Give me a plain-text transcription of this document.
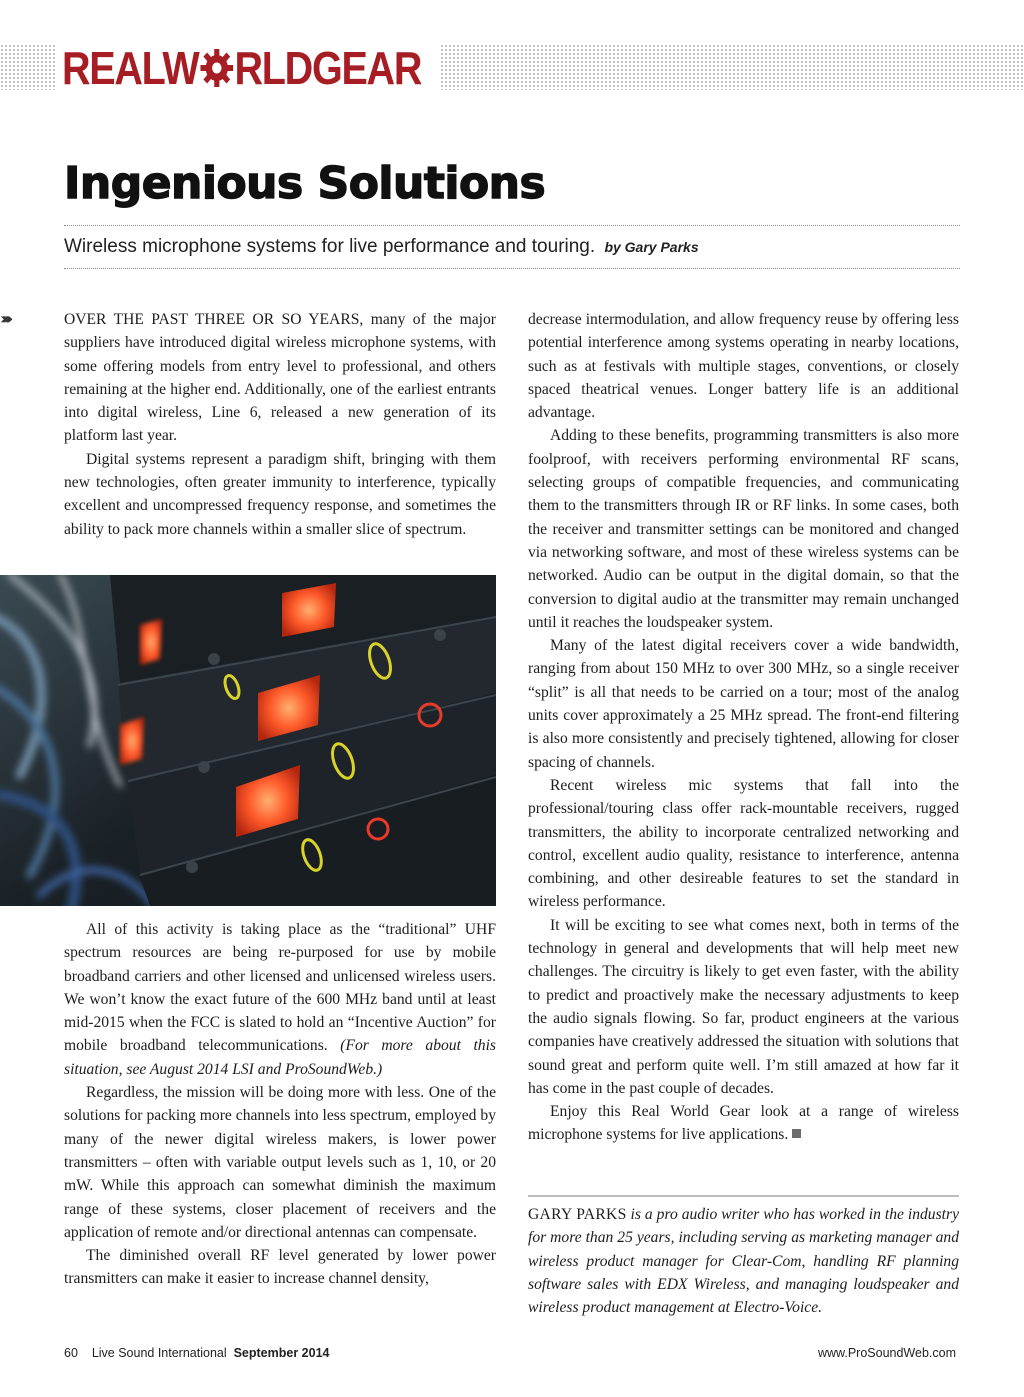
REALW RLDGEAR
Ingenious Solutions
Wireless microphone systems for live performance and touring. by Gary Parks
››››››	OVER THE PAST THREE OR SO YEARS, many of the major suppliers have introduced digital wireless microphone systems, with some offering models from entry level to professional, and others remaining at the higher end. Additionally, one of the earliest entrants into digital wireless, Line 6, released a new generation of its platform last year.

Digital systems represent a paradigm shift, bringing with them new technologies, often greater immunity to interference, typically excellent and uncompressed frequency response, and sometimes the ability to pack more channels within a smaller slice of spectrum.

All of this activity is taking place as the “traditional” UHF spectrum resources are being re-purposed for use by mobile broadband carriers and other licensed and unlicensed wireless users. We won’t know the exact future of the 600 MHz band until at least mid-2015 when the FCC is slated to hold an “Incentive Auction” for mobile broadband telecommunications. (For more about this situation, see August 2014 LSI and ProSoundWeb.)

Regardless, the mission will be doing more with less. One of the solutions for packing more channels into less spectrum, employed by many of the newer digital wireless makers, is lower power transmitters – often with variable output levels such as 1, 10, or 20 mW. While this approach can somewhat diminish the maximum range of these systems, closer placement of receivers and the application of remote and/or directional antennas can compensate.

The diminished overall RF level generated by lower power transmitters can make it easier to increase channel density,

decrease intermodulation, and allow frequency reuse by offering less potential interference among systems operating in nearby locations, such as at festivals with multiple stages, conventions, or closely spaced theatrical venues. Longer battery life is an additional advantage.

Adding to these benefits, programming transmitters is also more foolproof, with receivers performing environmental RF scans, selecting groups of compatible frequencies, and communicating them to the transmitters through IR or RF links. In some cases, both the receiver and transmitter settings can be monitored and changed via networking software, and most of these wireless systems can be networked. Audio can be output in the digital domain, so that the conversion to digital audio at the transmitter may remain unchanged until it reaches the loudspeaker system.

Many of the latest digital receivers cover a wide bandwidth, ranging from about 150 MHz to over 300 MHz, so a single receiver “split” is all that needs to be carried on a tour; most of the analog units cover approximately a 25 MHz spread. The front-end filtering is also more consistently and precisely tightened, allowing for closer spacing of channels.

Recent wireless mic systems that fall into the professional/touring class offer rack-mountable receivers, rugged transmitters, the ability to incorporate centralized networking and control, excellent audio quality, resistance to interference, antenna combining, and other desireable features to set the standard in wireless performance.

It will be exciting to see what comes next, both in terms of the technology in general and developments that will help meet new challenges. The circuitry is likely to get even faster, with the ability to predict and proactively make the necessary adjustments to keep the audio signals flowing. So far, product engineers at the various companies have creatively addressed the situation with solutions that sound great and perform quite well. I’m still amazed at how far it has come in the past couple of decades.

Enjoy this Real World Gear look at a range of wireless microphone systems for live applications.

GARY PARKS is a pro audio writer who has worked in the industry for more than 25 years, including serving as marketing manager and wireless product manager for Clear-Com, handling RF planning software sales with EDX Wireless, and managing loudspeaker and wireless product management at Electro-Voice.
60 Live Sound International September 2014	www.ProSoundWeb.com
